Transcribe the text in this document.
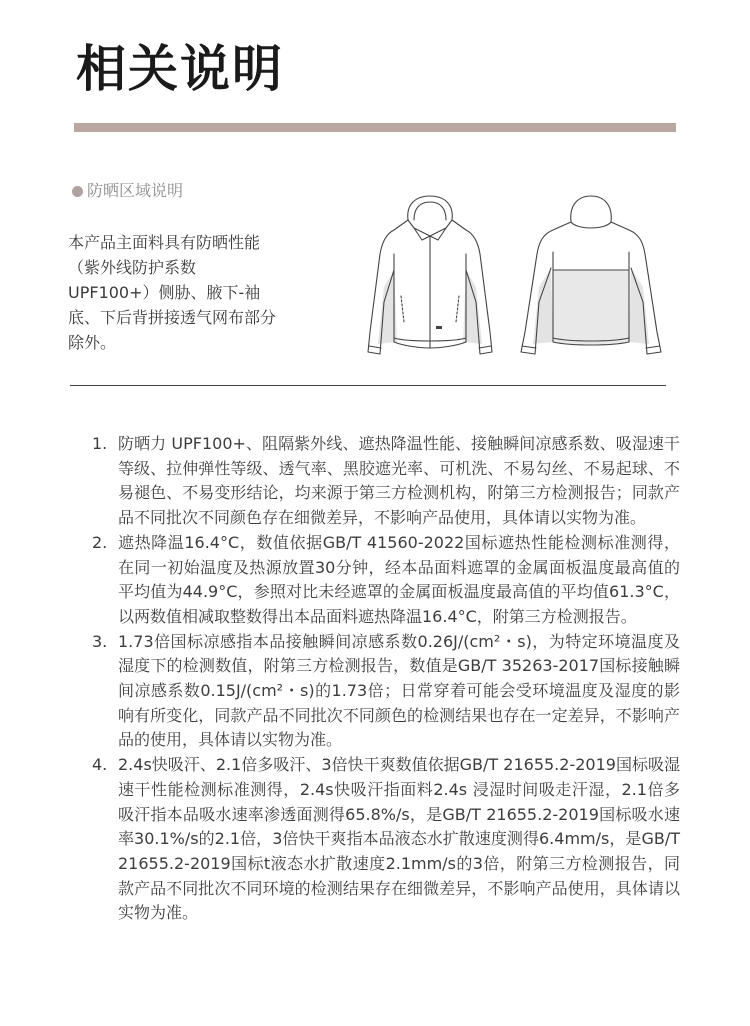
相关说明
防晒区域说明
本产品主面料具有防晒性能（紫外线防护系数UPF100+）侧胁、腋下-袖底、下后背拼接透气网布部分除外。
1. 防晒力 UPF100+、阻隔紫外线、遮热降温性能、接触瞬间凉感系数、吸湿速干等级、拉伸弹性等级、透气率、黑胶遮光率、可机洗、不易勾丝、不易起球、不易褪色、不易变形结论，均来源于第三方检测机构，附第三方检测报告；同款产品不同批次不同颜色存在细微差异，不影响产品使用，具体请以实物为准。
2. 遮热降温16.4°C，数值依据GB/T 41560-2022国标遮热性能检测标准测得，在同一初始温度及热源放置30分钟，经本品面料遮罩的金属面板温度最高值的平均值为44.9°C，参照对比未经遮罩的金属面板温度最高值的平均值61.3°C，以两数值相减取整数得出本品面料遮热降温16.4°C，附第三方检测报告。
3. 1.73倍国标凉感指本品接触瞬间凉感系数0.26J/(cm²・s)，为特定环境温度及湿度下的检测数值，附第三方检测报告，数值是GB/T 35263-2017国标接触瞬间凉感系数0.15J/(cm²・s)的1.73倍；日常穿着可能会受环境温度及湿度的影响有所变化，同款产品不同批次不同颜色的检测结果也存在一定差异，不影响产品的使用，具体请以实物为准。
4. 2.4s快吸汗、2.1倍多吸汗、3倍快干爽数值依据GB/T 21655.2-2019国标吸湿速干性能检测标准测得，2.4s快吸汗指面料2.4s 浸湿时间吸走汗湿，2.1倍多吸汗指本品吸水速率渗透面测得65.8%/s，是GB/T 21655.2-2019国标吸水速率30.1%/s的2.1倍，3倍快干爽指本品液态水扩散速度测得6.4mm/s，是GB/T 21655.2-2019国标t液态水扩散速度2.1mm/s的3倍，附第三方检测报告，同款产品不同批次不同环境的检测结果存在细微差异，不影响产品使用，具体请以实物为准。
